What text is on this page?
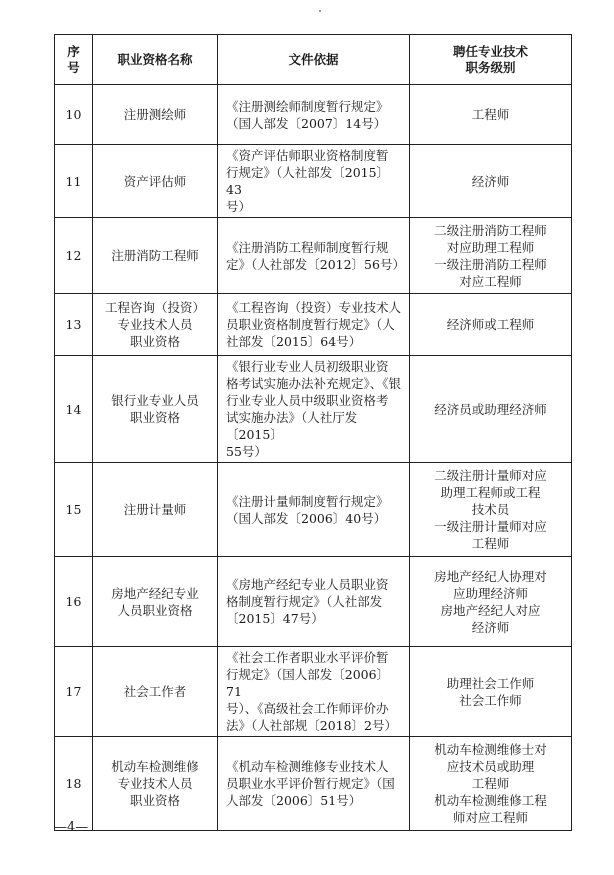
序
号	职业资格名称	文件依据	聘任专业技术
职务级别

10	注册测绘师	《注册测绘师制度暂行规定》
（国人部发〔2007〕14号）	工程师

11	资产评估师	《资产评估师职业资格制度暂
行规定》（人社部发〔2015〕43
号）	经济师

12	注册消防工程师	《注册消防工程师制度暂行规
定》（人社部发〔2012〕56号）	二级注册消防工程师
对应助理工程师
一级注册消防工程师
对应工程师

13	工程咨询（投资）
专业技术人员
职业资格	《工程咨询（投资）专业技术人
员职业资格制度暂行规定》（人
社部发〔2015〕64号）	经济师或工程师

14	银行业专业人员
职业资格	《银行业专业人员初级职业资
格考试实施办法补充规定》、《银
行业专业人员中级职业资格考
试实施办法》（人社厅发〔2015〕
55号）	经济员或助理经济师

15	注册计量师	《注册计量师制度暂行规定》
（国人部发〔2006〕40号）	二级注册计量师对应
助理工程师或工程
技术员
一级注册计量师对应
工程师

16	房地产经纪专业
人员职业资格	《房地产经纪专业人员职业资
格制度暂行规定》（人社部发
〔2015〕47号）	房地产经纪人协理对
应助理经济师
房地产经纪人对应
经济师

17	社会工作者	《社会工作者职业水平评价暂
行规定》（国人部发〔2006〕71
号）、《高级社会工作师评价办
法》（人社部规〔2018〕2号）	助理社会工作师
社会工作师

18	机动车检测维修
专业技术人员
职业资格	《机动车检测维修专业技术人
员职业水平评价暂行规定》（国
人部发〔2006〕51号）	机动车检测维修士对
应技术员或助理
工程师
机动车检测维修工程
师对应工程师
—4—
